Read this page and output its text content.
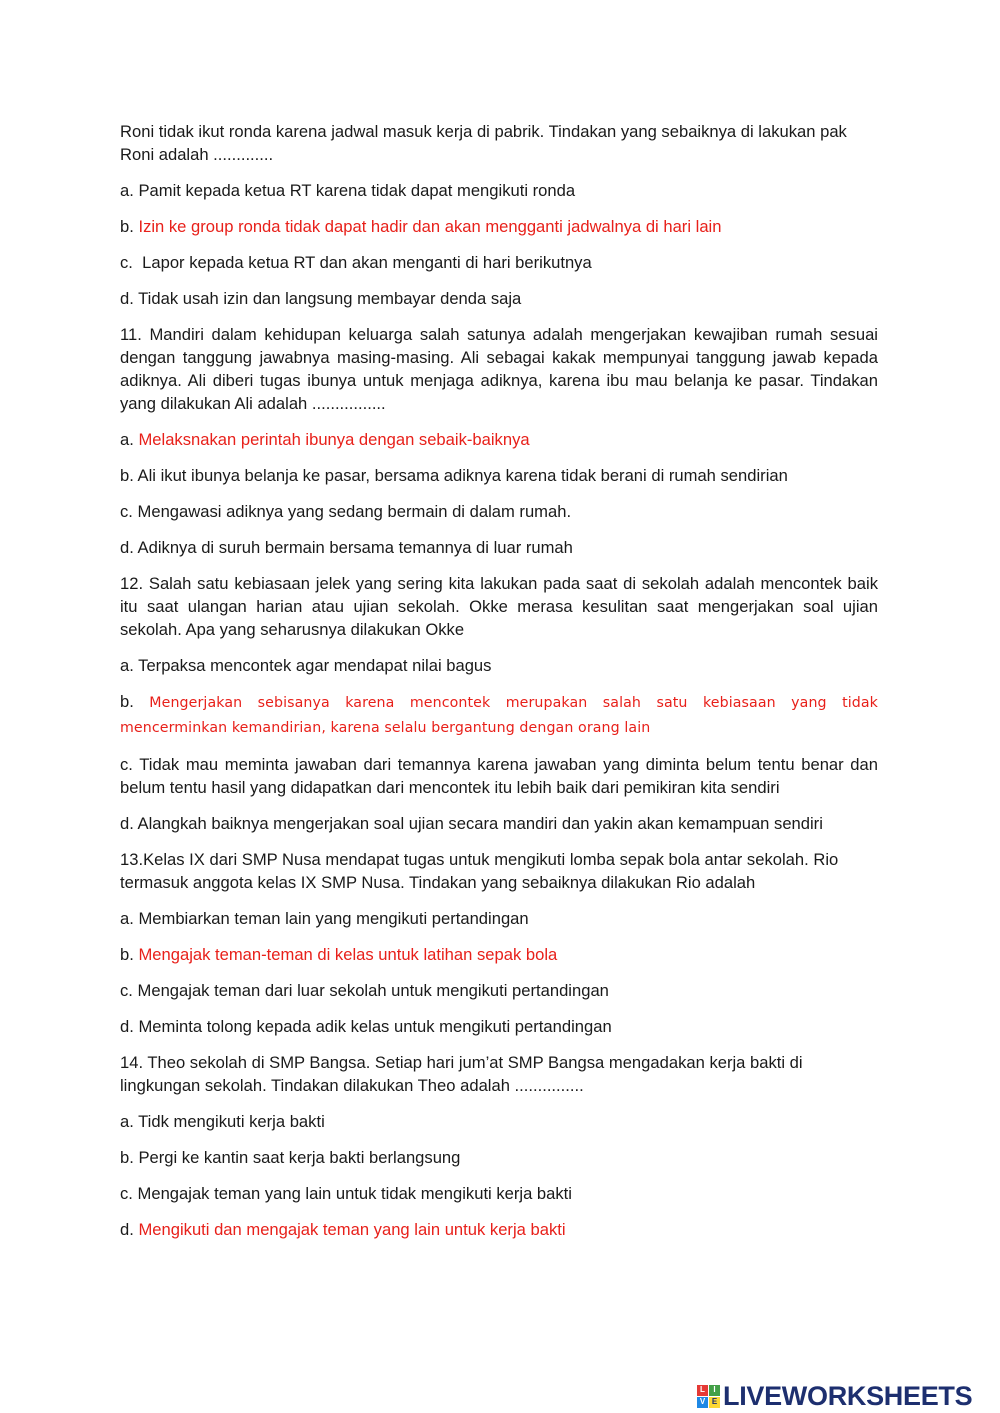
Roni tidak ikut ronda karena jadwal masuk kerja di pabrik. Tindakan yang sebaiknya di lakukan pak Roni adalah .............

a. Pamit kepada ketua RT karena tidak dapat mengikuti ronda

b. Izin ke group ronda tidak dapat hadir dan akan mengganti jadwalnya di hari lain

c.  Lapor kepada ketua RT dan akan menganti di hari berikutnya

d. Tidak usah izin dan langsung membayar denda saja

11. Mandiri dalam kehidupan keluarga salah satunya adalah mengerjakan kewajiban rumah sesuai dengan tanggung jawabnya masing-masing. Ali sebagai kakak mempunyai tanggung jawab kepada adiknya. Ali diberi tugas ibunya untuk menjaga adiknya, karena ibu mau belanja ke pasar. Tindakan yang dilakukan Ali adalah ................

a. Melaksnakan perintah ibunya dengan sebaik-baiknya

b. Ali ikut ibunya belanja ke pasar, bersama adiknya karena tidak berani di rumah sendirian

c. Mengawasi adiknya yang sedang bermain di dalam rumah.

d. Adiknya di suruh bermain bersama temannya di luar rumah

12. Salah satu kebiasaan jelek yang sering kita lakukan pada saat di sekolah adalah mencontek baik itu saat ulangan harian atau ujian sekolah. Okke merasa kesulitan saat mengerjakan soal ujian sekolah. Apa yang seharusnya dilakukan Okke

a. Terpaksa mencontek agar mendapat nilai bagus

b. Mengerjakan sebisanya karena mencontek merupakan salah satu kebiasaan yang tidak mencerminkan kemandirian, karena selalu bergantung dengan orang lain

c. Tidak mau meminta jawaban dari temannya karena jawaban yang diminta belum tentu benar dan belum tentu hasil yang didapatkan dari mencontek itu lebih baik dari pemikiran kita sendiri

d. Alangkah baiknya mengerjakan soal ujian secara mandiri dan yakin akan kemampuan sendiri

13.Kelas IX dari SMP Nusa mendapat tugas untuk mengikuti lomba sepak bola antar sekolah. Rio termasuk anggota kelas IX SMP Nusa. Tindakan yang sebaiknya dilakukan Rio adalah

a. Membiarkan teman lain yang mengikuti pertandingan

b. Mengajak teman-teman di kelas untuk latihan sepak bola

c. Mengajak teman dari luar sekolah untuk mengikuti pertandingan

d. Meminta tolong kepada adik kelas untuk mengikuti pertandingan

14. Theo sekolah di SMP Bangsa. Setiap hari jum’at SMP Bangsa mengadakan kerja bakti di lingkungan sekolah. Tindakan dilakukan Theo adalah ...............

a. Tidk mengikuti kerja bakti

b. Pergi ke kantin saat kerja bakti berlangsung

c. Mengajak teman yang lain untuk tidak mengikuti kerja bakti

d. Mengikuti dan mengajak teman yang lain untuk kerja bakti

L	I
V E LIVEWORKSHEETS
